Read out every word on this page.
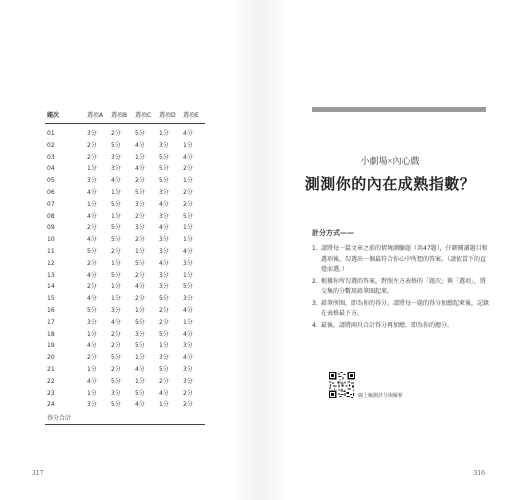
題次	選項A 選項B 選項C 選項D 選項E
01	3分 2分 5分 1分 4分
02	2分 5分 4分 3分 1分
03	2分 3分 1分 5分 4分
04	1分 3分 4分 5分 2分
05	3分 4分 2分 5分 1分
06	4分 1分 5分 3分 2分
07	1分 5分 3分 4分 2分
08	4分 1分 2分 3分 5分
09	2分 5分 3分 4分 1分
10	4分 5分 2分 3分 1分
11	5分 2分 1分 3分 4分
12	2分 1分 5分 4分 3分
13	4分 5分 2分 3分 1分
14	2分 1分 4分 3分 5分
15	4分 1分 2分 5分 3分
16	5分 3分 1分 2分 4分
17	3分 4分 5分 2分 1分
18	1分 2分 3分 5分 4分
19	4分 2分 5分 1分 3分
20	2分 5分 1分 3分 4分
21	1分 2分 4分 5分 3分
22	4分 5分 1分 2分 3分
23	1分 3分 5分 4分 2分
24	3分 5分 4分 1分 2分
得分合計
317
小劇場×內心戲
測測你的內在成熟指數？
計分方式——
1. 請將每一篇文章之前的情境測驗題（共47題），仔細閱讀題目和選項後，勾選出一個最符合你心中所想的答案。（請依當下的直覺而選。）
2. 根據你所勾選的答案，對照左方表格的「題次」與「選項」，將交集的分數用鉛筆圈起來。
3. 鉛筆所圈，即為你的得分。請將每一題的得分加總起來後，記錄在表格最下方。
4. 最後，請將兩頁合計得分再加總，即為你的總分。
線上檢測計分與解析
316
